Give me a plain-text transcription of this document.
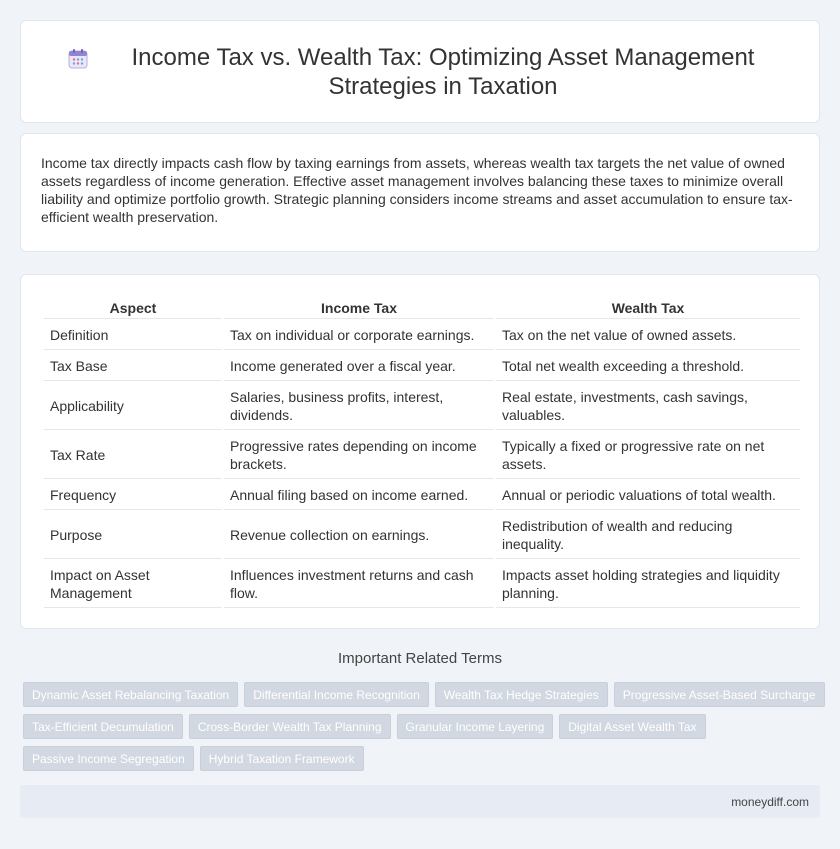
Income Tax vs. Wealth Tax: Optimizing Asset Management Strategies in Taxation

Income tax directly impacts cash flow by taxing earnings from assets, whereas wealth tax targets the net value of owned assets regardless of income generation. Effective asset management involves balancing these taxes to minimize overall liability and optimize portfolio growth. Strategic planning considers income streams and asset accumulation to ensure tax-efficient wealth preservation.

Aspect	Income Tax	Wealth Tax
Definition	Tax on individual or corporate earnings.	Tax on the net value of owned assets.
Tax Base	Income generated over a fiscal year.	Total net wealth exceeding a threshold.
Applicability	Salaries, business profits, interest, dividends.	Real estate, investments, cash savings, valuables.
Tax Rate	Progressive rates depending on income brackets.	Typically a fixed or progressive rate on net assets.
Frequency	Annual filing based on income earned.	Annual or periodic valuations of total wealth.
Purpose	Revenue collection on earnings.	Redistribution of wealth and reducing inequality.
Impact on Asset Management	Influences investment returns and cash flow.	Impacts asset holding strategies and liquidity planning.
Important Related Terms
Dynamic Asset Rebalancing Taxation	Differential Income Recognition	Wealth Tax Hedge Strategies	Progressive Asset-Based Surcharge
Tax-Efficient Decumulation	Cross-Border Wealth Tax Planning	Granular Income Layering	Digital Asset Wealth Tax
Passive Income Segregation	Hybrid Taxation Framework
moneydiff.com
